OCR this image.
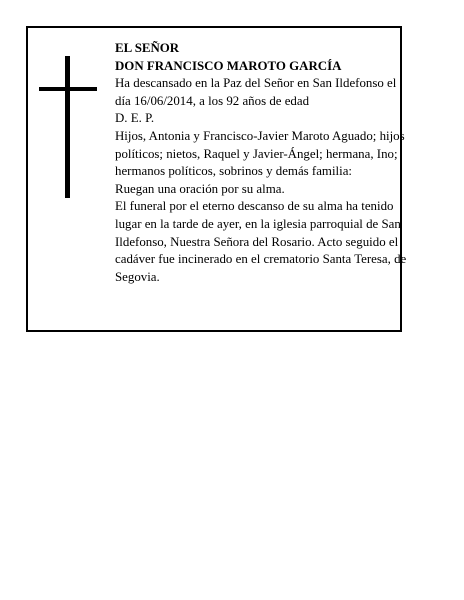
EL SEÑOR
DON FRANCISCO MAROTO GARCÍA

Ha descansado en la Paz del Señor en San Ildefonso el día 16/06/2014, a los 92 años de edad

D. E. P.

Hijos, Antonia y Francisco-Javier Maroto Aguado; hijos políticos; nietos, Raquel y Javier-Ángel; hermana, Ino; hermanos políticos, sobrinos y demás familia:

Ruegan una oración por su alma.

El funeral por el eterno descanso de su alma ha tenido lugar en la tarde de ayer, en la iglesia parroquial de San Ildefonso, Nuestra Señora del Rosario. Acto seguido el cadáver fue incinerado en el crematorio Santa Teresa, de Segovia.
